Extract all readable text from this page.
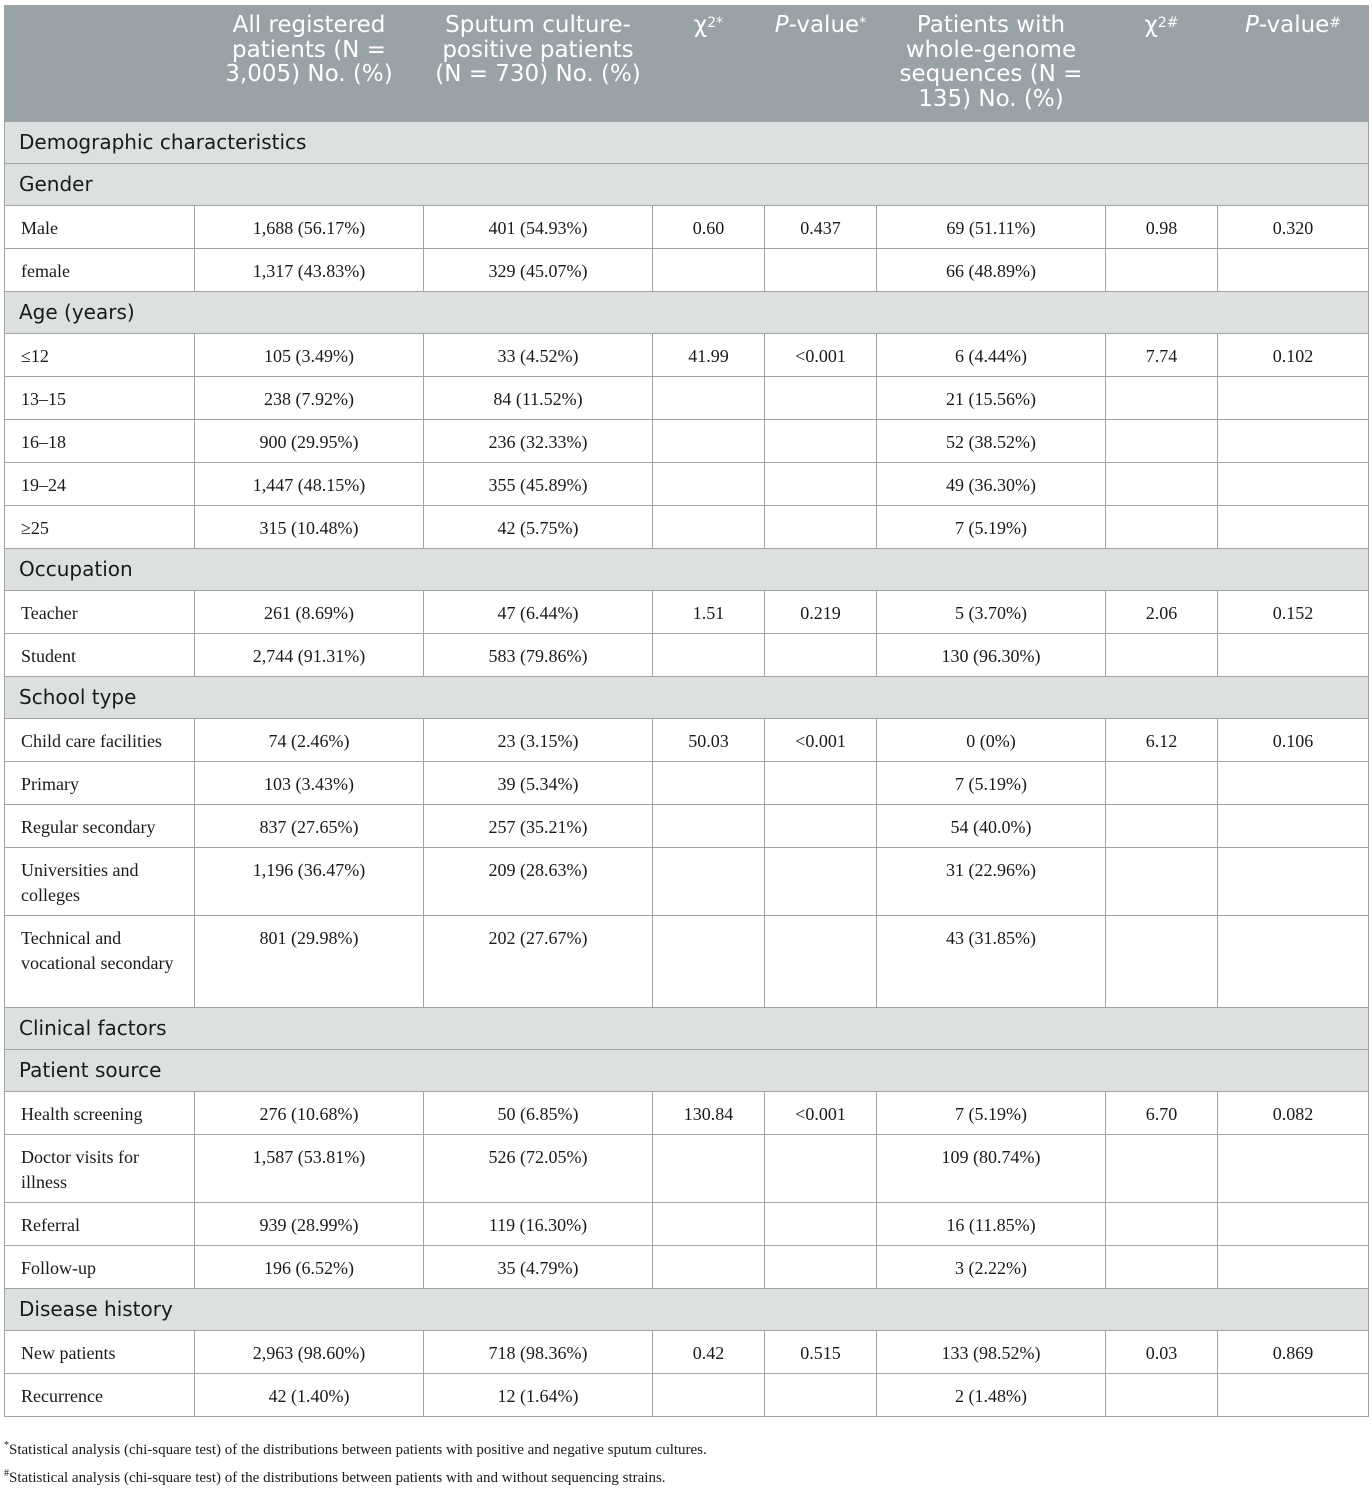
	All registered patients (N = 3,005) No. (%)	Sputum culture-positive patients (N = 730) No. (%)	$\chi^{2*}$	P-value*	Patients with whole-genome sequences (N = 135) No. (%)	$\chi^{2\#}$	P-value#

Demographic characteristics							
Gender							
Male	1,688 (56.17%)	401 (54.93%)	0.60	0.437	69 (51.11%)	0.98	0.320
female	1,317 (43.83%)	329 (45.07%)			66 (48.89%)		
Age (years)							
≤12	105 (3.49%)	33 (4.52%)	41.99	<0.001	6 (4.44%)	7.74	0.102
13–15	238 (7.92%)	84 (11.52%)			21 (15.56%)		
16–18	900 (29.95%)	236 (32.33%)			52 (38.52%)		
19–24	1,447 (48.15%)	355 (45.89%)			49 (36.30%)		
≥25	315 (10.48%)	42 (5.75%)			7 (5.19%)		
Occupation							
Teacher	261 (8.69%)	47 (6.44%)	1.51	0.219	5 (3.70%)	2.06	0.152
Student	2,744 (91.31%)	583 (79.86%)			130 (96.30%)		
School type							
Child care facilities	74 (2.46%)	23 (3.15%)	50.03	<0.001	0 (0%)	6.12	0.106
Primary	103 (3.43%)	39 (5.34%)			7 (5.19%)		
Regular secondary	837 (27.65%)	257 (35.21%)			54 (40.0%)		
Universities and colleges	1,196 (36.47%)	209 (28.63%)			31 (22.96%)		
Technical and vocational secondary	801 (29.98%)	202 (27.67%)			43 (31.85%)		
Clinical factors							
Patient source							
Health screening	276 (10.68%)	50 (6.85%)	130.84	<0.001	7 (5.19%)	6.70	0.082
Doctor visits for illness	1,587 (53.81%)	526 (72.05%)			109 (80.74%)		
Referral	939 (28.99%)	119 (16.30%)			16 (11.85%)		
Follow-up	196 (6.52%)	35 (4.79%)			3 (2.22%)		
Disease history							
New patients	2,963 (98.60%)	718 (98.36%)	0.42	0.515	133 (98.52%)	0.03	0.869
Recurrence	42 (1.40%)	12 (1.64%)			2 (1.48%)		
*Statistical analysis (chi-square test) of the distributions between patients with positive and negative sputum cultures.
#Statistical analysis (chi-square test) of the distributions between patients with and without sequencing strains.
